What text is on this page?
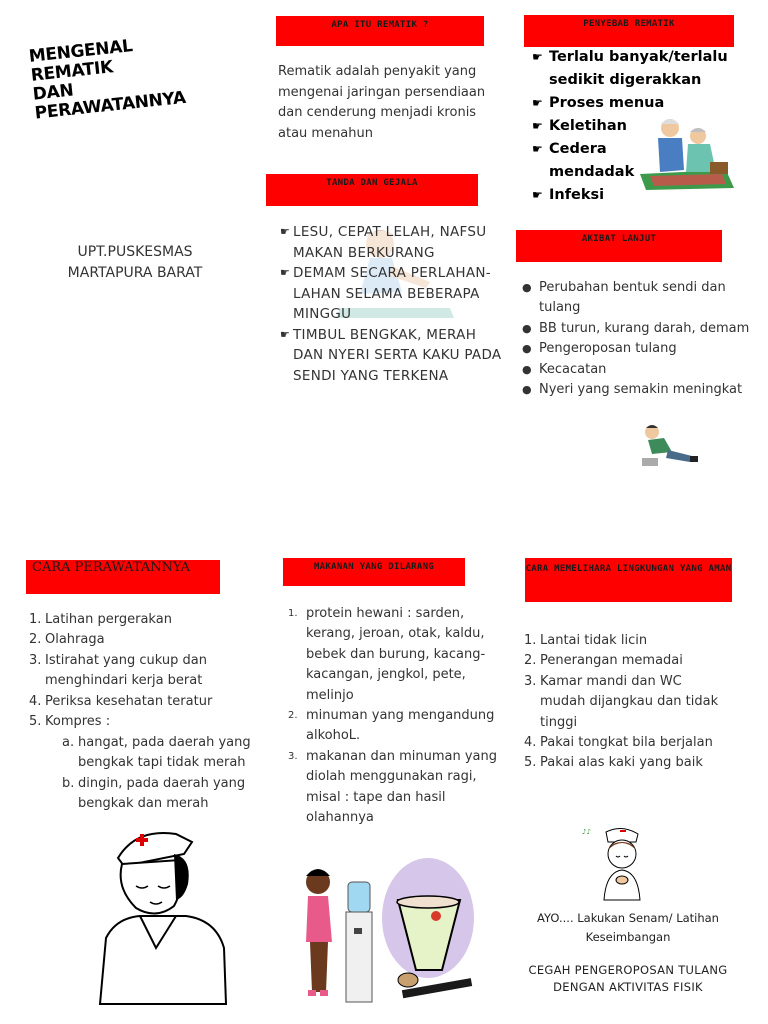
MENGENAL REMATIK
DAN PERAWATANNYA
UPT.PUSKESMAS
MARTAPURA BARAT
APA ITU REMATIK ?
Rematik adalah penyakit yang mengenai jaringan persendiaan dan cenderung menjadi kronis atau menahun
TANDA DAN GEJALA
☛ LESU, CEPAT LELAH, NAFSU MAKAN BERKURANG
☛ DEMAM SECARA PERLAHAN-LAHAN SELAMA BEBERAPA MINGGU
☛ TIMBUL BENGKAK, MERAH DAN NYERI SERTA KAKU PADA SENDI YANG TERKENA
PENYEBAB REMATIK
☛ Terlalu banyak/terlalu sedikit digerakkan
☛ Proses menua
☛ Keletihan
☛ Cedera mendadak
☛ Infeksi
AKIBAT LANJUT
● Perubahan bentuk sendi dan tulang
● BB turun, kurang darah, demam
● Pengeroposan tulang
● Kecacatan
● Nyeri yang semakin meningkat
CARA PERAWATANNYA
1. Latihan pergerakan
2. Olahraga
3. Istirahat yang cukup dan menghindari kerja berat
4. Periksa kesehatan teratur
5. Kompres :
a. hangat, pada daerah yang bengkak tapi tidak merah
b. dingin, pada daerah yang bengkak dan merah
MAKANAN YANG DILARANG
1. protein hewani : sarden, kerang, jeroan, otak, kaldu, bebek dan burung, kacang-kacangan, jengkol, pete, melinjo
2. minuman yang mengandung alkohoL.
3. makanan dan minuman yang diolah menggunakan ragi, misal : tape dan hasil olahannya
CARA MEMELIHARA LINGKUNGAN YANG AMAN
1. Lantai tidak licin
2. Penerangan memadai
3. Kamar mandi dan WC mudah dijangkau dan tidak tinggi
4. Pakai tongkat bila berjalan
5. Pakai alas kaki yang baik
♪♪
AYO.... Lakukan Senam/ Latihan Keseimbangan
CEGAH PENGEROPOSAN TULANG DENGAN AKTIVITAS FISIK
